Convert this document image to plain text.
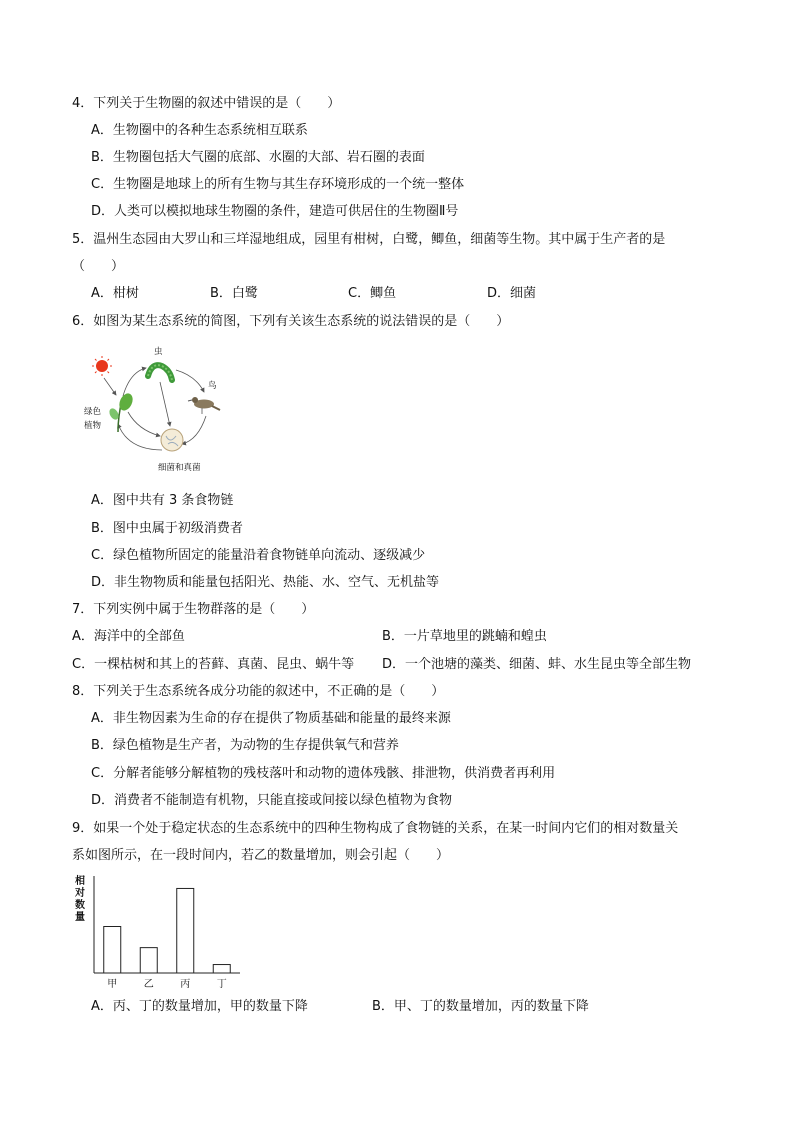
4．下列关于生物圈的叙述中错误的是（　　）
A．生物圈中的各种生态系统相互联系
B．生物圈包括大气圈的底部、水圈的大部、岩石圈的表面
C．生物圈是地球上的所有生物与其生存环境形成的一个统一整体
D．人类可以模拟地球生物圈的条件，建造可供居住的生物圈Ⅱ号
5．温州生态园由大罗山和三垟湿地组成，园里有柑树，白鹭，鲫鱼，细菌等生物。其中属于生产者的是
（　　）
A．柑树	B．白鹭	C．鲫鱼	D．细菌
6．如图为某生态系统的简图，下列有关该生态系统的说法错误的是（　　）
虫
鸟
绿色
植物
细菌和真菌
A．图中共有 3 条食物链
B．图中虫属于初级消费者
C．绿色植物所固定的能量沿着食物链单向流动、逐级减少
D．非生物物质和能量包括阳光、热能、水、空气、无机盐等
7．下列实例中属于生物群落的是（　　）
A．海洋中的全部鱼	B．一片草地里的跳蝻和蝗虫
C．一棵枯树和其上的苔藓、真菌、昆虫、蜗牛等 D．一个池塘的藻类、细菌、蚌、水生昆虫等全部生物
8．下列关于生态系统各成分功能的叙述中，不正确的是（　　）
A．非生物因素为生命的存在提供了物质基础和能量的最终来源
B．绿色植物是生产者，为动物的生存提供氧气和营养
C．分解者能够分解植物的残枝落叶和动物的遗体残骸、排泄物，供消费者再利用
D．消费者不能制造有机物，只能直接或间接以绿色植物为食物
9．如果一个处于稳定状态的生态系统中的四种生物构成了食物链的关系，在某一时间内它们的相对数量关
系如图所示，在一段时间内，若乙的数量增加，则会引起（　　）
相
对
数
量
甲	乙	丙	丁
A．丙、丁的数量增加，甲的数量下降	B．甲、丁的数量增加，丙的数量下降
